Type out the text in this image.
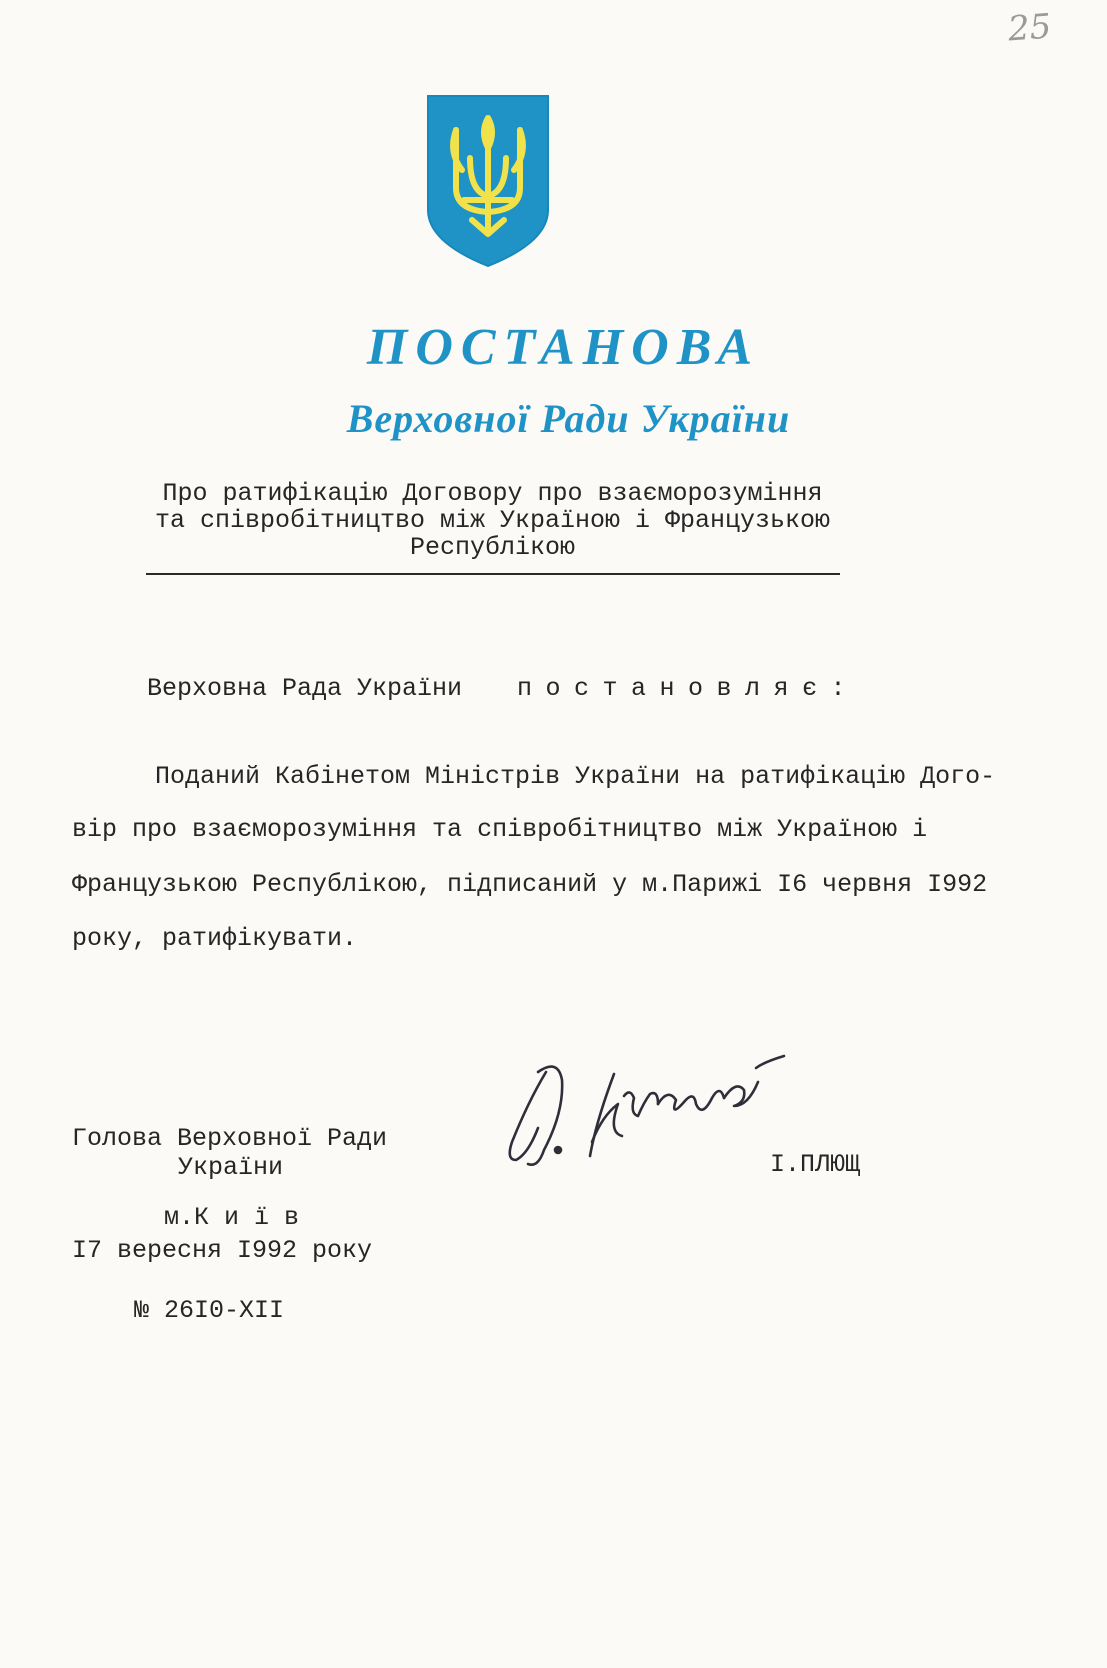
25
ПОСТАНОВА
Верховної Ради України
Про ратифікацію Договору про взаєморозуміння та співробітництво між Україною і Французькою Республікою
Верховна Рада України постановляє:
Поданий Кабінетом Міністрів України на ратифікацію Дого-
вір про взаєморозуміння та співробітництво між Україною і
Французькою Республікою, підписаний у м.Парижі I6 червня I992
року, ратифікувати.
Голова Верховної Ради
України	І.ПЛЮЩ
м.К и ї в
I7 вересня I992 року
№ 26I0-XII
